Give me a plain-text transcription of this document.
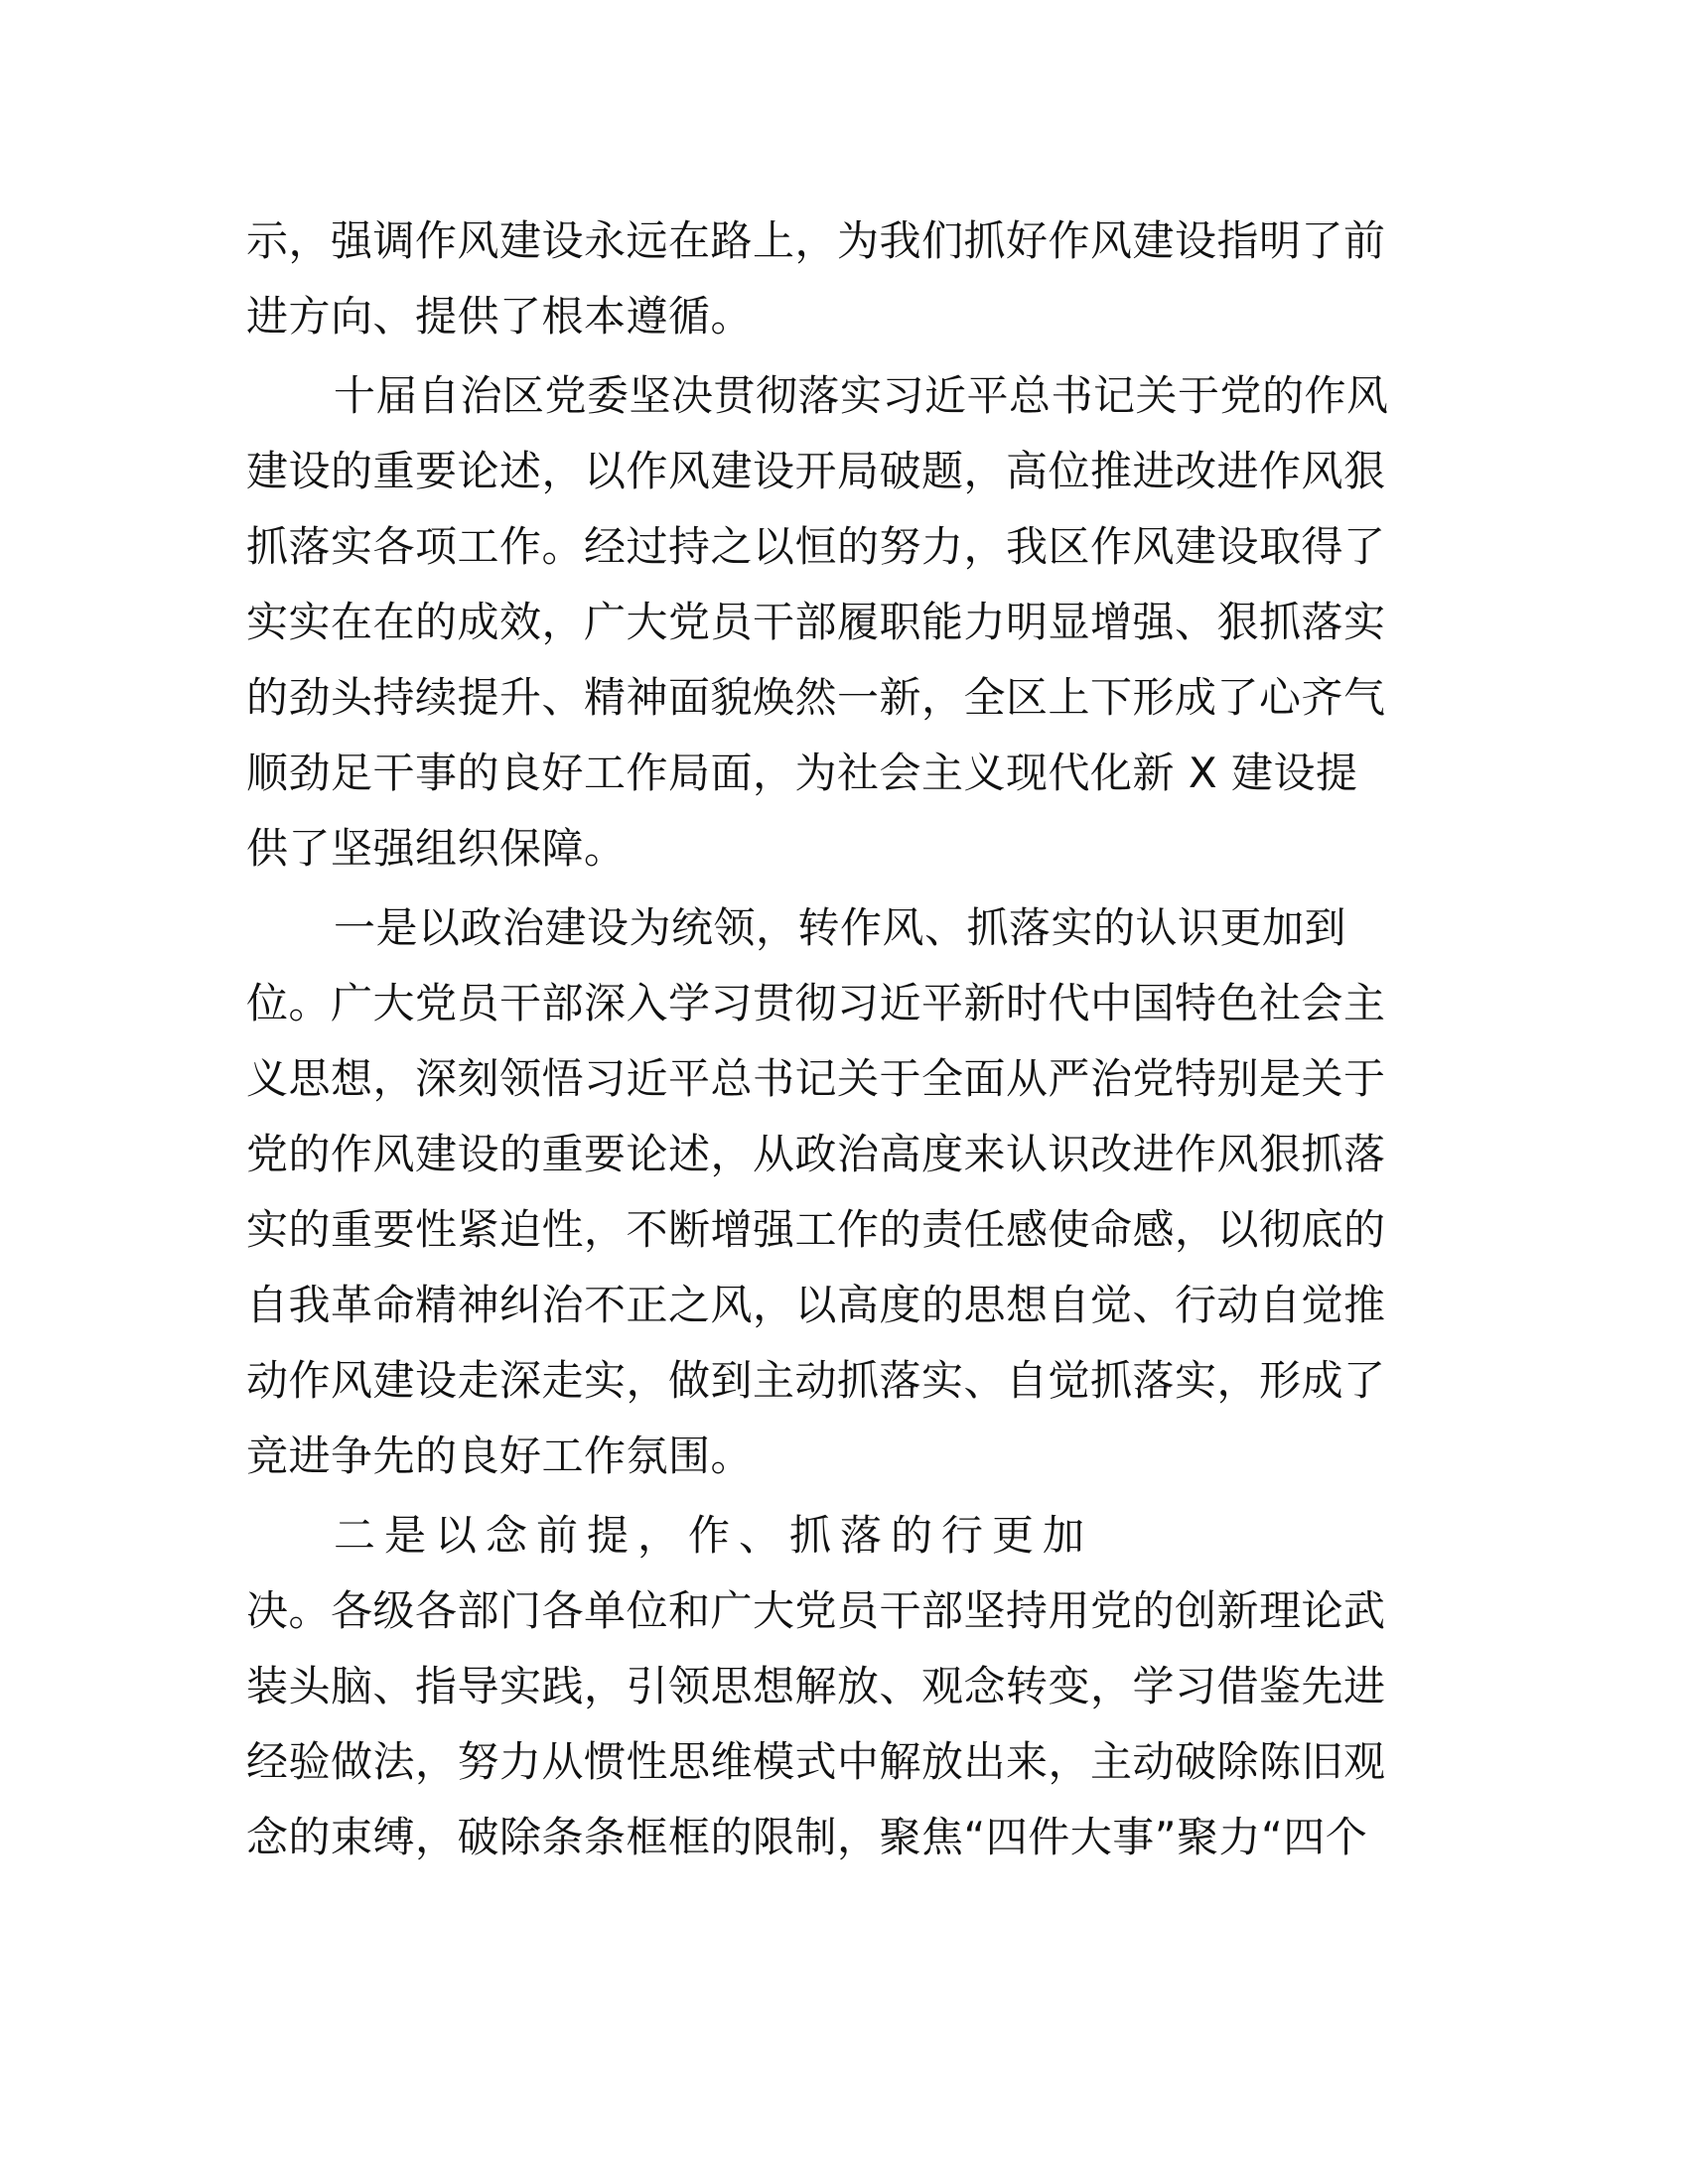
示，强调作风建设永远在路上，为我们抓好作风建设指明了前
进方向、提供了根本遵循。

十届自治区党委坚决贯彻落实习近平总书记关于党的作风
建设的重要论述，以作风建设开局破题，高位推进改进作风狠
抓落实各项工作。经过持之以恒的努力，我区作风建设取得了
实实在在的成效，广大党员干部履职能力明显增强、狠抓落实
的劲头持续提升、精神面貌焕然一新，全区上下形成了心齐气
顺劲足干事的良好工作局面，为社会主义现代化新 X 建设提
供了坚强组织保障。

一是以政治建设为统领，转作风、抓落实的认识更加到
位。广大党员干部深入学习贯彻习近平新时代中国特色社会主
义思想，深刻领悟习近平总书记关于全面从严治党特别是关于
党的作风建设的重要论述，从政治高度来认识改进作风狠抓落
实的重要性紧迫性，不断增强工作的责任感使命感，以彻底的
自我革命精神纠治不正之风，以高度的思想自觉、行动自觉推
动作风建设走深走实，做到主动抓落实、自觉抓落实，形成了
竞进争先的良好工作氛围。

二是以念前提，作、抓落的行更加
决。各级各部门各单位和广大党员干部坚持用党的创新理论武
装头脑、指导实践，引领思想解放、观念转变，学习借鉴先进
经验做法，努力从惯性思维模式中解放出来，主动破除陈旧观
念的束缚，破除条条框框的限制，聚焦“四件大事”聚力“四个
